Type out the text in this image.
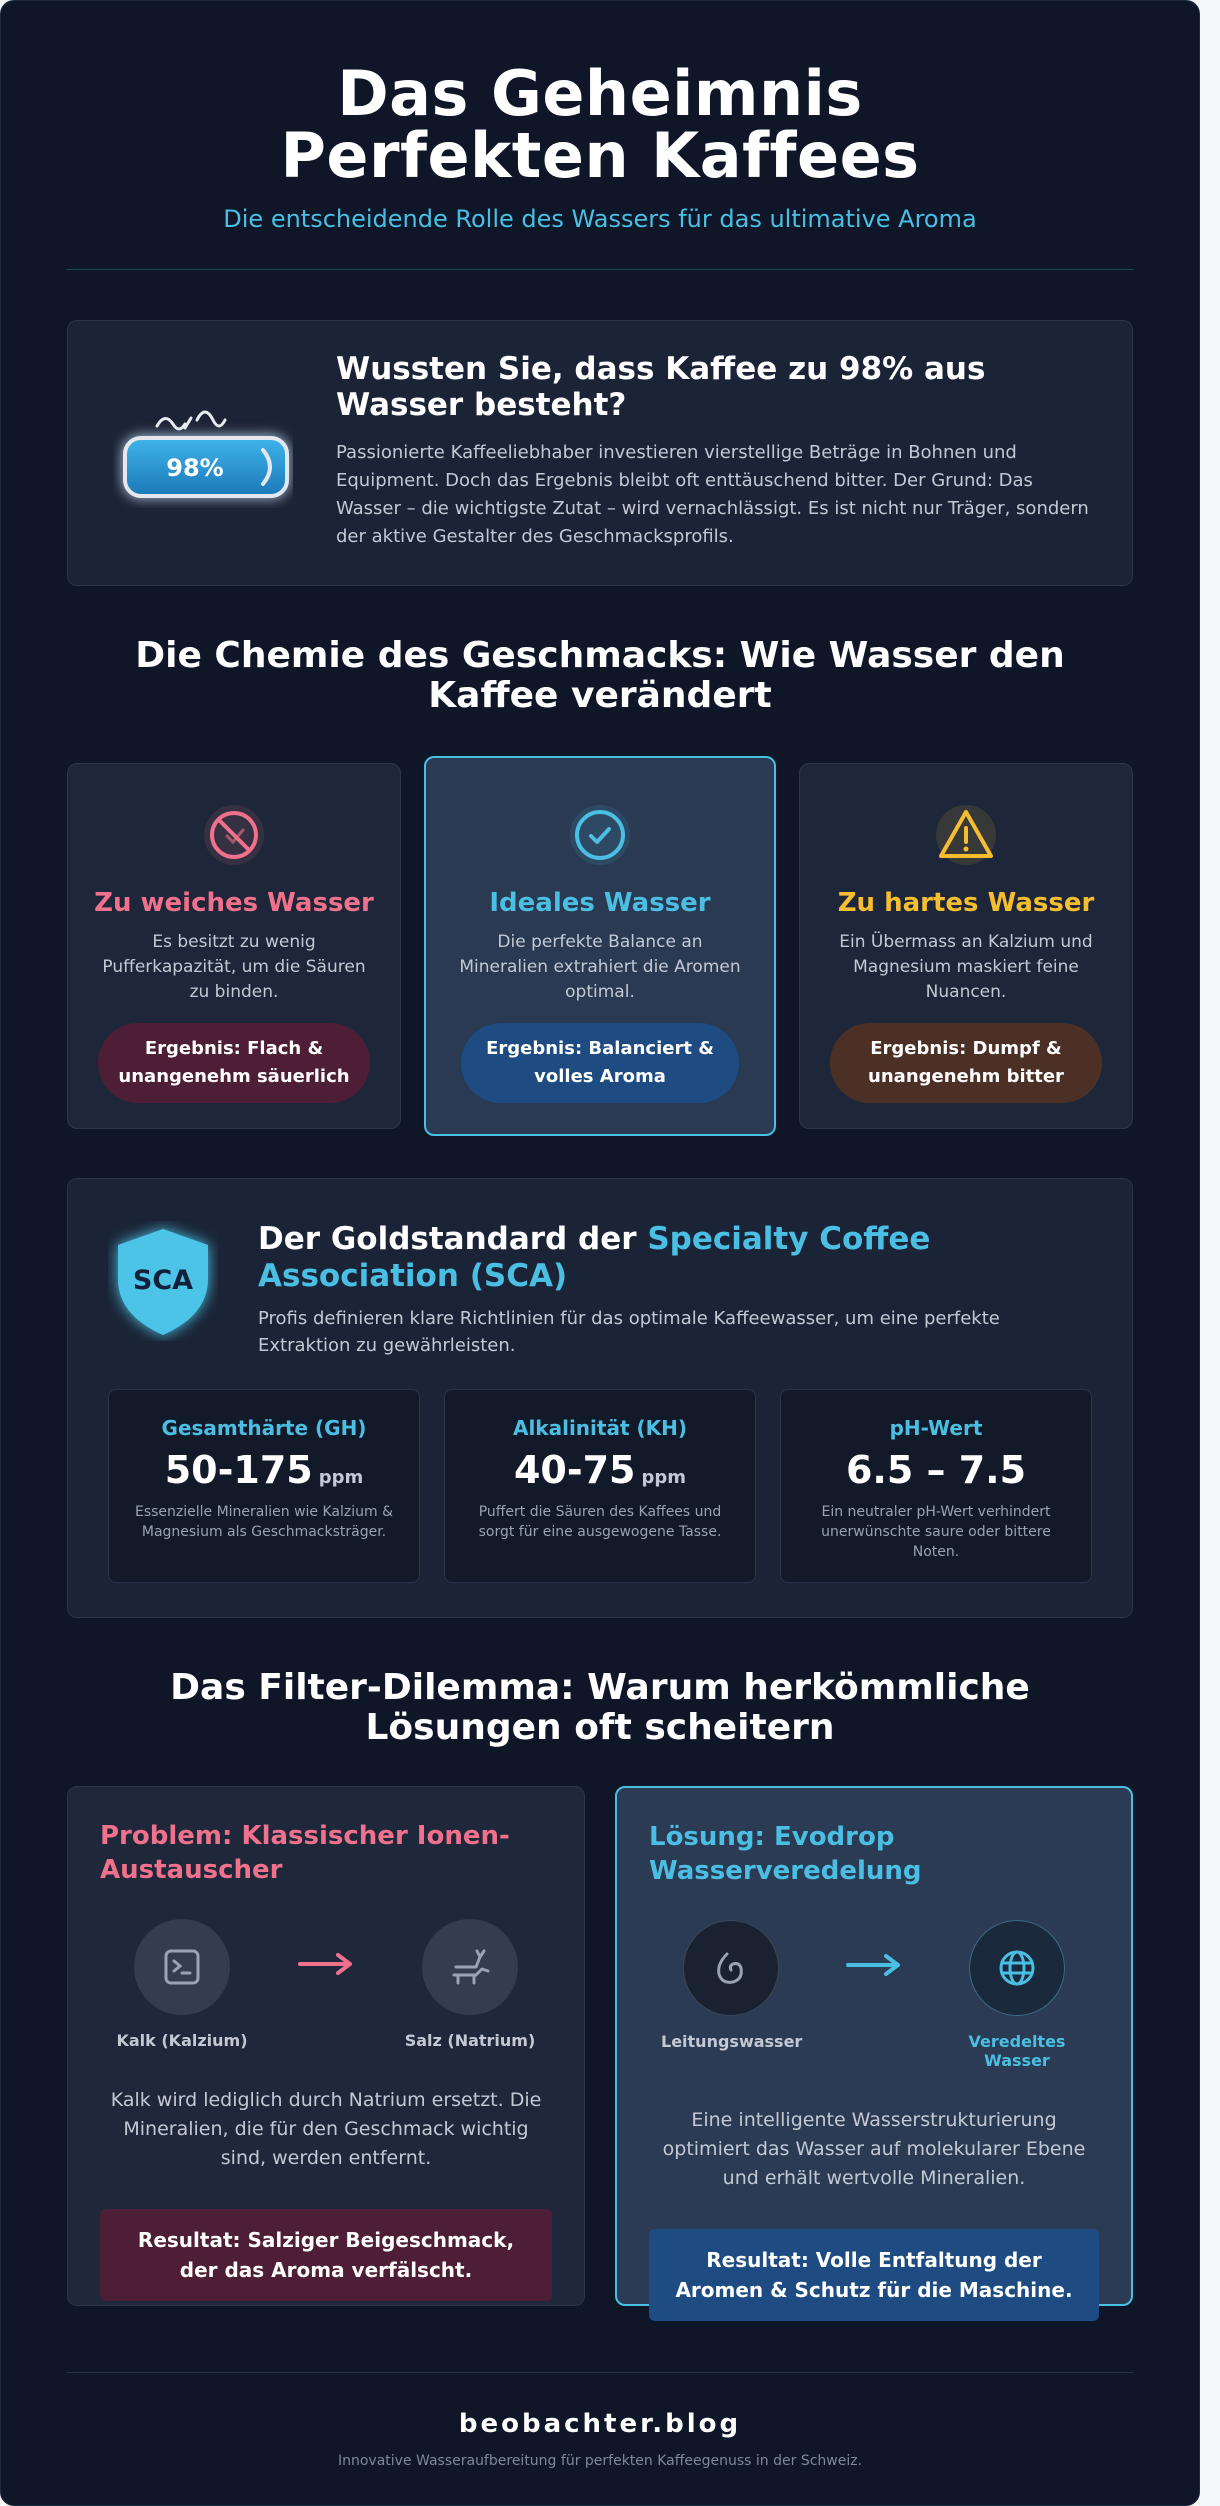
Das Geheimnis Perfekten Kaffees
Die entscheidende Rolle des Wassers für das ultimative Aroma
98%
Wussten Sie, dass Kaffee zu 98% aus Wasser besteht?

Passionierte Kaffeeliebhaber investieren vierstellige Beträge in Bohnen und Equipment. Doch das Ergebnis bleibt oft enttäuschend bitter. Der Grund: Das Wasser – die wichtigste Zutat – wird vernachlässigt. Es ist nicht nur Träger, sondern der aktive Gestalter des Geschmacksprofils.

Die Chemie des Geschmacks: Wie Wasser den Kaffee verändert
Zu weiches Wasser

Es besitzt zu wenig Pufferkapazität, um die Säuren zu binden.

Ergebnis: Flach & unangenehm säuerlich
Ideales Wasser

Die perfekte Balance an Mineralien extrahiert die Aromen optimal.

Ergebnis: Balanciert & volles Aroma
Zu hartes Wasser

Ein Übermass an Kalzium und Magnesium maskiert feine Nuancen.

Ergebnis: Dumpf & unangenehm bitter
SCA
Der Goldstandard der Specialty Coffee Association (SCA)

Profis definieren klare Richtlinien für das optimale Kaffeewasser, um eine perfekte Extraktion zu gewährleisten.

Gesamthärte (GH)
50-175 ppm
Essenzielle Mineralien wie Kalzium & Magnesium als Geschmacksträger.
Alkalinität (KH)
40-75 ppm
Puffert die Säuren des Kaffees und sorgt für eine ausgewogene Tasse.
pH-Wert
6.5 – 7.5
Ein neutraler pH-Wert verhindert unerwünschte saure oder bittere Noten.
Das Filter-Dilemma: Warum herkömmliche Lösungen oft scheitern
Problem: Klassischer Ionen-Austauscher
Kalk (Kalzium)	Salz (Natrium)

Kalk wird lediglich durch Natrium ersetzt. Die Mineralien, die für den Geschmack wichtig sind, werden entfernt.

Resultat: Salziger Beigeschmack, der das Aroma verfälscht.
Lösung: Evodrop Wasserveredelung
Leitungswasser	Veredeltes Wasser

Eine intelligente Wasserstrukturierung optimiert das Wasser auf molekularer Ebene und erhält wertvolle Mineralien.

Resultat: Volle Entfaltung der Aromen & Schutz für die Maschine.
beobachter.blog
Innovative Wasseraufbereitung für perfekten Kaffeegenuss in der Schweiz.
